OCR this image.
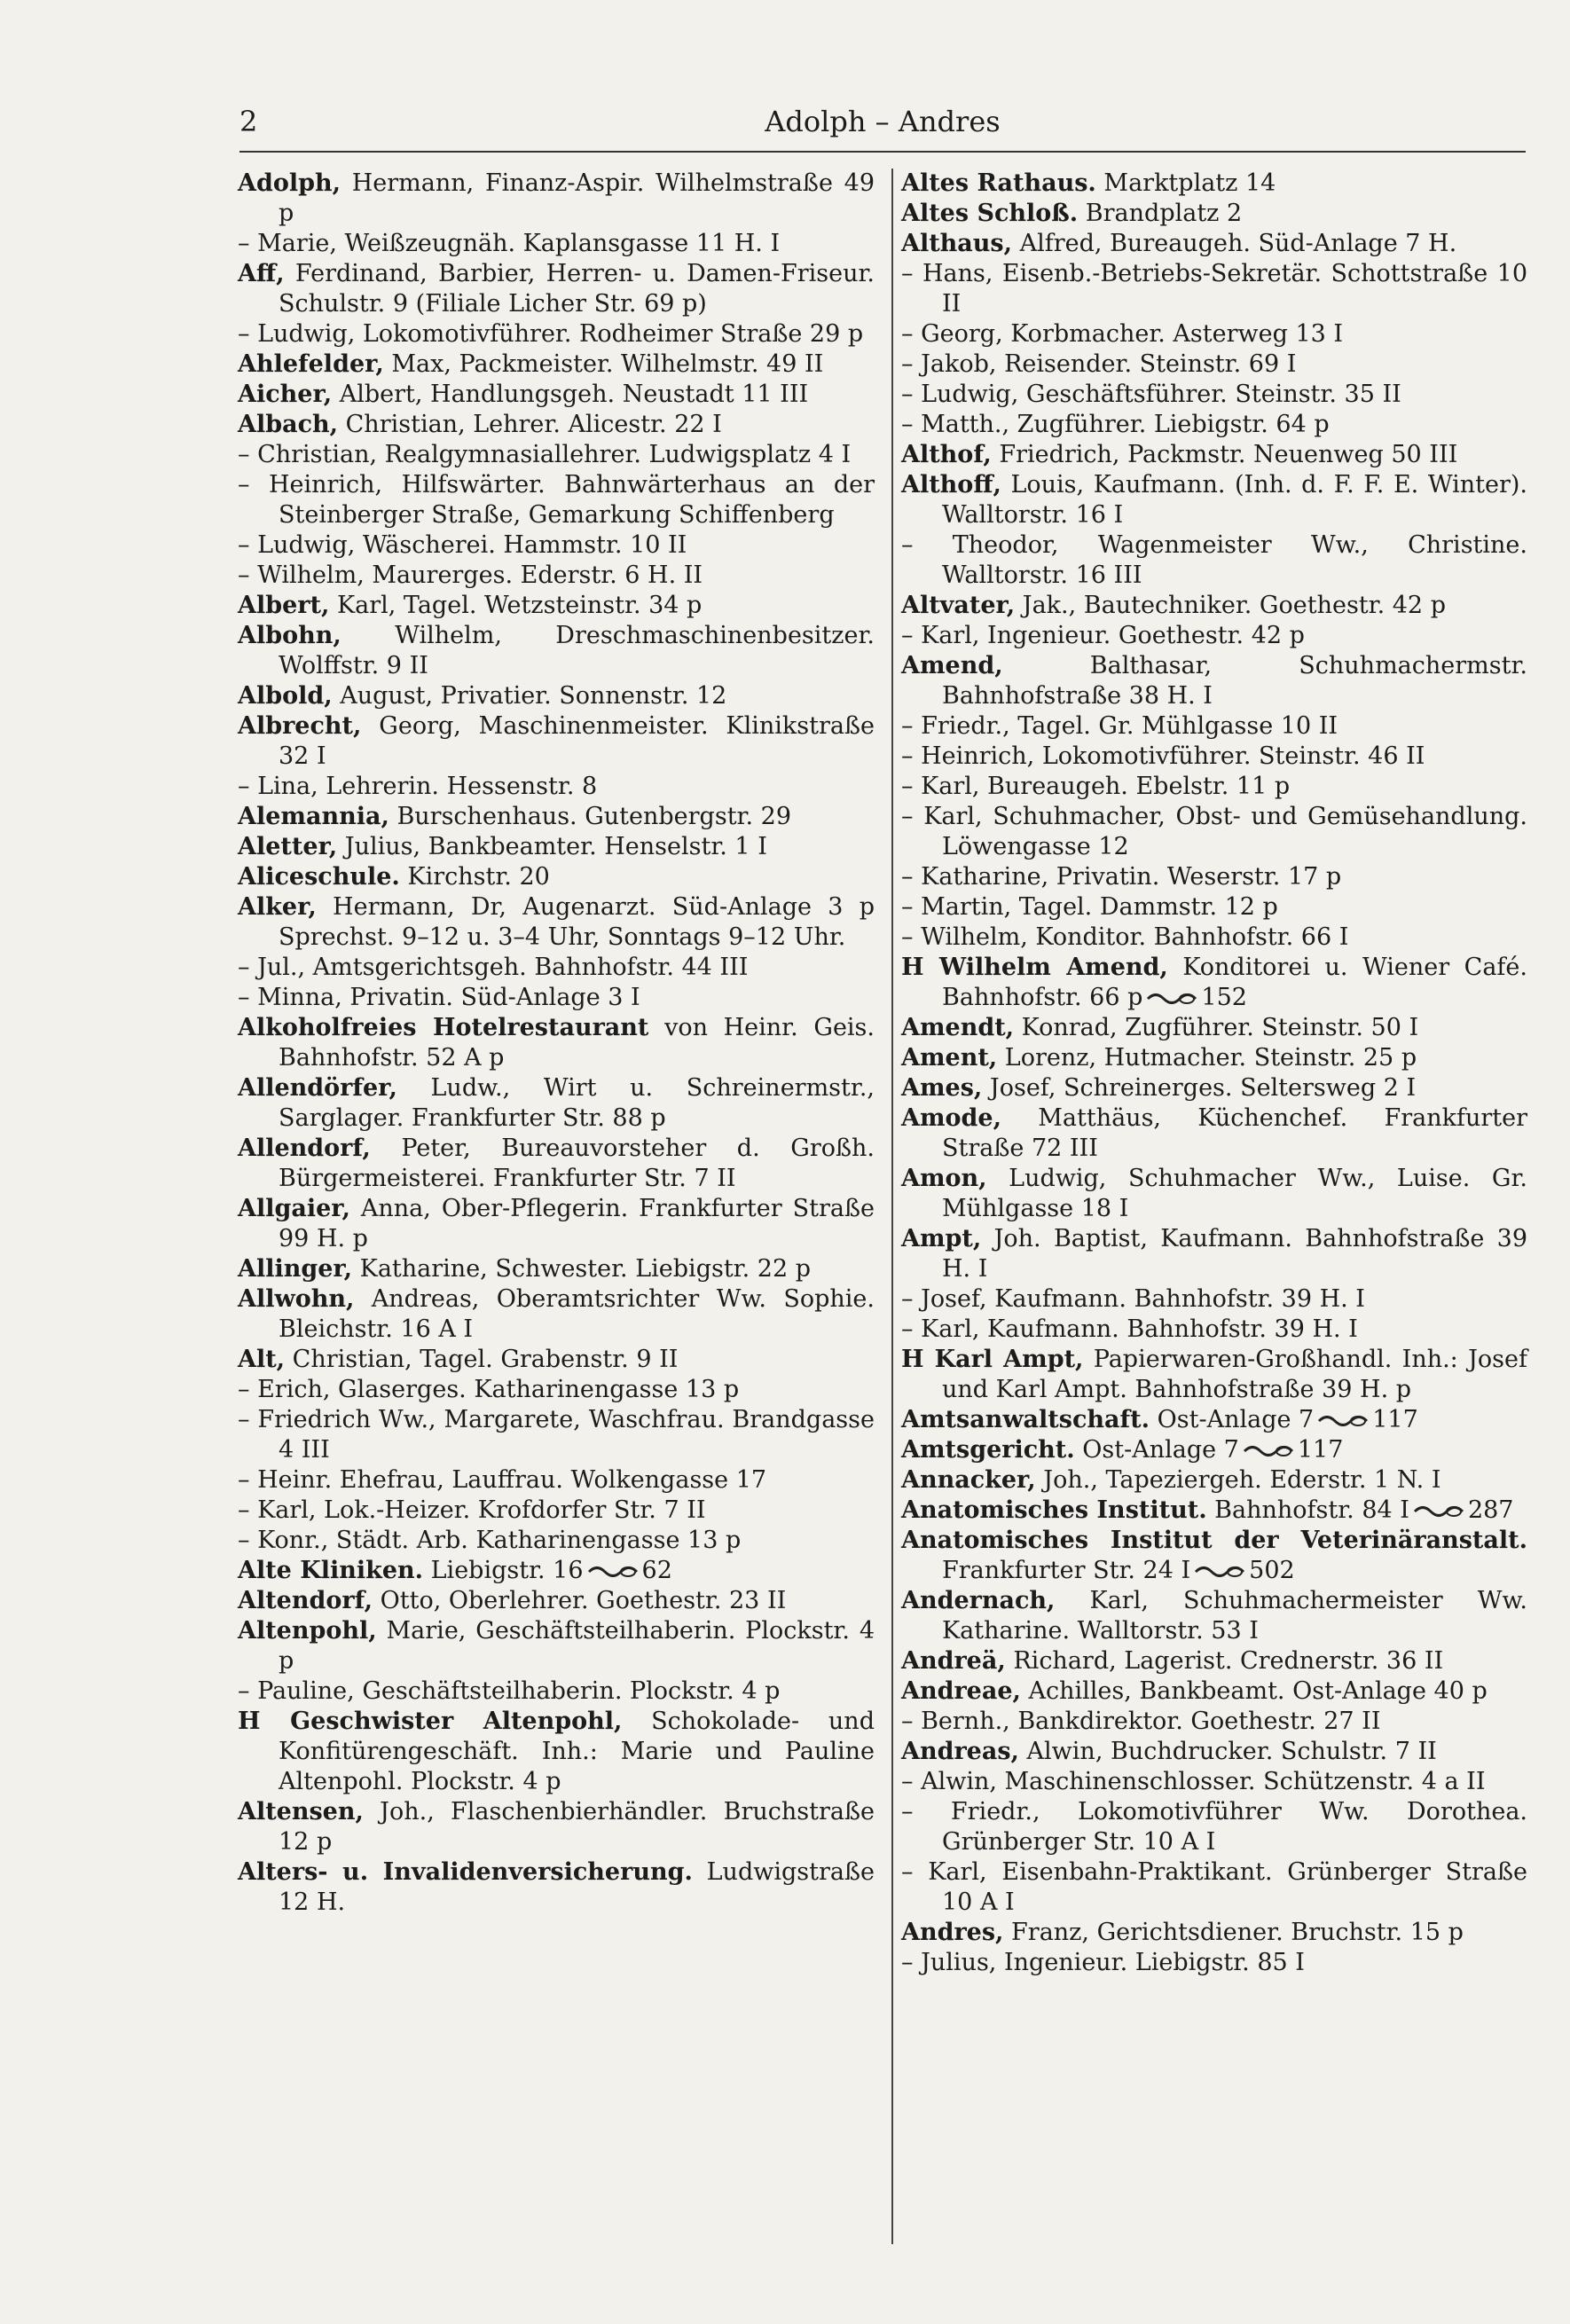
Adolph – Andres
2

Adolph, Hermann, Finanz-Aspir. Wilhelmstraße 49 p

– Marie, Weißzeugnäh. Kaplansgasse 11 H. I

Aff, Ferdinand, Barbier, Herren- u. Damen-Friseur. Schulstr. 9 (Filiale Licher Str. 69 p)

– Ludwig, Lokomotivführer. Rodheimer Straße 29 p

Ahlefelder, Max, Packmeister. Wilhelmstr. 49 II

Aicher, Albert, Handlungsgeh. Neustadt 11 III

Albach, Christian, Lehrer. Alicestr. 22 I

– Christian, Realgymnasiallehrer. Ludwigsplatz 4 I

– Heinrich, Hilfswärter. Bahnwärterhaus an der Steinberger Straße, Gemarkung Schiffenberg

– Ludwig, Wäscherei. Hammstr. 10 II

– Wilhelm, Maurerges. Ederstr. 6 H. II

Albert, Karl, Tagel. Wetzsteinstr. 34 p

Albohn, Wilhelm, Dreschmaschinenbesitzer. Wolffstr. 9 II

Albold, August, Privatier. Sonnenstr. 12

Albrecht, Georg, Maschinenmeister. Klinikstraße 32 I

– Lina, Lehrerin. Hessenstr. 8

Alemannia, Burschenhaus. Gutenbergstr. 29

Aletter, Julius, Bankbeamter. Henselstr. 1 I

Aliceschule. Kirchstr. 20

Alker, Hermann, Dr, Augenarzt. Süd-Anlage 3 p Sprechst. 9–12 u. 3–4 Uhr, Sonntags 9–12 Uhr.

– Jul., Amtsgerichtsgeh. Bahnhofstr. 44 III

– Minna, Privatin. Süd-Anlage 3 I

Alkoholfreies Hotelrestaurant von Heinr. Geis. Bahnhofstr. 52 A p

Allendörfer, Ludw., Wirt u. Schreinermstr., Sarglager. Frankfurter Str. 88 p

Allendorf, Peter, Bureauvorsteher d. Großh. Bürgermeisterei. Frankfurter Str. 7 II

Allgaier, Anna, Ober-Pflegerin. Frankfurter Straße 99 H. p

Allinger, Katharine, Schwester. Liebigstr. 22 p

Allwohn, Andreas, Oberamtsrichter Ww. Sophie. Bleichstr. 16 A I

Alt, Christian, Tagel. Grabenstr. 9 II

– Erich, Glaserges. Katharinengasse 13 p

– Friedrich Ww., Margarete, Waschfrau. Brandgasse 4 III

– Heinr. Ehefrau, Lauffrau. Wolkengasse 17

– Karl, Lok.-Heizer. Krofdorfer Str. 7 II

– Konr., Städt. Arb. Katharinengasse 13 p

Alte Kliniken. Liebigstr. 16 62

Altendorf, Otto, Oberlehrer. Goethestr. 23 II

Altenpohl, Marie, Geschäftsteilhaberin. Plockstr. 4 p

– Pauline, Geschäftsteilhaberin. Plockstr. 4 p

H Geschwister Altenpohl, Schokolade- und Konfitürengeschäft. Inh.: Marie und Pauline Altenpohl. Plockstr. 4 p

Altensen, Joh., Flaschenbierhändler. Bruchstraße 12 p

Alters- u. Invalidenversicherung. Ludwigstraße 12 H.

Altes Rathaus. Marktplatz 14

Altes Schloß. Brandplatz 2

Althaus, Alfred, Bureaugeh. Süd-Anlage 7 H.

– Hans, Eisenb.-Betriebs-Sekretär. Schottstraße 10 II

– Georg, Korbmacher. Asterweg 13 I

– Jakob, Reisender. Steinstr. 69 I

– Ludwig, Geschäftsführer. Steinstr. 35 II

– Matth., Zugführer. Liebigstr. 64 p

Althof, Friedrich, Packmstr. Neuenweg 50 III

Althoff, Louis, Kaufmann. (Inh. d. F. F. E. Winter). Walltorstr. 16 I

– Theodor, Wagenmeister Ww., Christine. Walltorstr. 16 III

Altvater, Jak., Bautechniker. Goethestr. 42 p

– Karl, Ingenieur. Goethestr. 42 p

Amend, Balthasar, Schuhmachermstr. Bahnhofstraße 38 H. I

– Friedr., Tagel. Gr. Mühlgasse 10 II

– Heinrich, Lokomotivführer. Steinstr. 46 II

– Karl, Bureaugeh. Ebelstr. 11 p

– Karl, Schuhmacher, Obst- und Gemüsehandlung. Löwengasse 12

– Katharine, Privatin. Weserstr. 17 p

– Martin, Tagel. Dammstr. 12 p

– Wilhelm, Konditor. Bahnhofstr. 66 I

H Wilhelm Amend, Konditorei u. Wiener Café. Bahnhofstr. 66 p 152

Amendt, Konrad, Zugführer. Steinstr. 50 I

Ament, Lorenz, Hutmacher. Steinstr. 25 p

Ames, Josef, Schreinerges. Seltersweg 2 I

Amode, Matthäus, Küchenchef. Frankfurter Straße 72 III

Amon, Ludwig, Schuhmacher Ww., Luise. Gr. Mühlgasse 18 I

Ampt, Joh. Baptist, Kaufmann. Bahnhofstraße 39 H. I

– Josef, Kaufmann. Bahnhofstr. 39 H. I

– Karl, Kaufmann. Bahnhofstr. 39 H. I

H Karl Ampt, Papierwaren-Großhandl. Inh.: Josef und Karl Ampt. Bahnhofstraße 39 H. p

Amtsanwaltschaft. Ost-Anlage 7 117

Amtsgericht. Ost-Anlage 7 117

Annacker, Joh., Tapeziergeh. Ederstr. 1 N. I

Anatomisches Institut. Bahnhofstr. 84 I 287

Anatomisches Institut der Veterinäranstalt. Frankfurter Str. 24 I 502

Andernach, Karl, Schuhmachermeister Ww. Katharine. Walltorstr. 53 I

Andreä, Richard, Lagerist. Crednerstr. 36 II

Andreae, Achilles, Bankbeamt. Ost-Anlage 40 p

– Bernh., Bankdirektor. Goethestr. 27 II

Andreas, Alwin, Buchdrucker. Schulstr. 7 II

– Alwin, Maschinenschlosser. Schützenstr. 4 a II

– Friedr., Lokomotivführer Ww. Dorothea. Grünberger Str. 10 A I

– Karl, Eisenbahn-Praktikant. Grünberger Straße 10 A I

Andres, Franz, Gerichtsdiener. Bruchstr. 15 p

– Julius, Ingenieur. Liebigstr. 85 I
